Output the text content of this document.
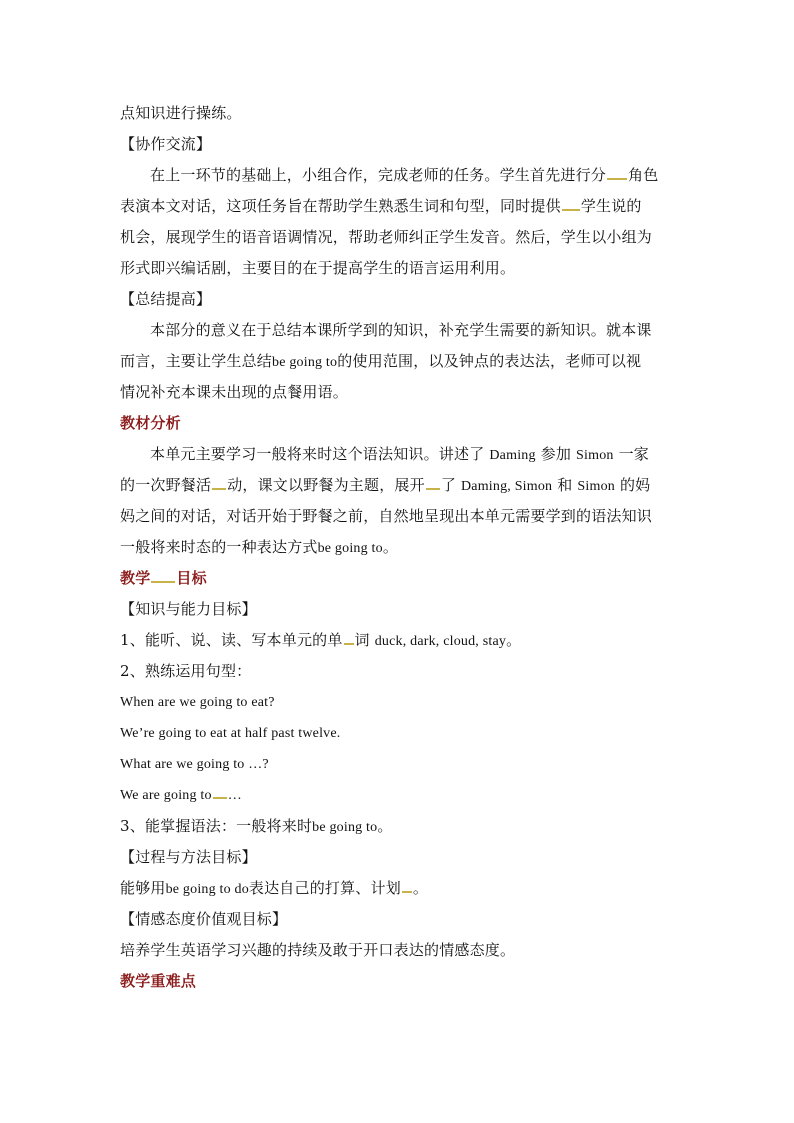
点知识进行操练。
【协作交流】
在上一环节的基础上，小组合作，完成老师的任务。学生首先进行分 角色
表演本文对话，这项任务旨在帮助学生熟悉生词和句型，同时提供 学生说的
机会，展现学生的语音语调情况，帮助老师纠正学生发音。然后，学生以小组为
形式即兴编话剧，主要目的在于提高学生的语言运用利用。
【总结提高】
本部分的意义在于总结本课所学到的知识，补充学生需要的新知识。就本课
而言，主要让学生总结be going to的使用范围，以及钟点的表达法，老师可以视
情况补充本课未出现的点餐用语。
教材分析
本单元主要学习一般将来时这个语法知识。讲述了 Daming 参加 Simon 一家
的一次野餐活 动，课文以野餐为主题，展开 了 Daming, Simon 和 Simon 的妈
妈之间的对话，对话开始于野餐之前，自然地呈现出本单元需要学到的语法知识
一般将来时态的一种表达方式be going to。
教学 目标
【知识与能力目标】
1、能听、说、读、写本单元的单 词 duck, dark, cloud, stay。
2、熟练运用句型：
When are we going to eat?
We’re going to eat at half past twelve.
What are we going to …?
We are going to …
3、能掌握语法：一般将来时be going to。
【过程与方法目标】
能够用be going to do表达自己的打算、计划 。
【情感态度价值观目标】
培养学生英语学习兴趣的持续及敢于开口表达的情感态度。
教学重难点
